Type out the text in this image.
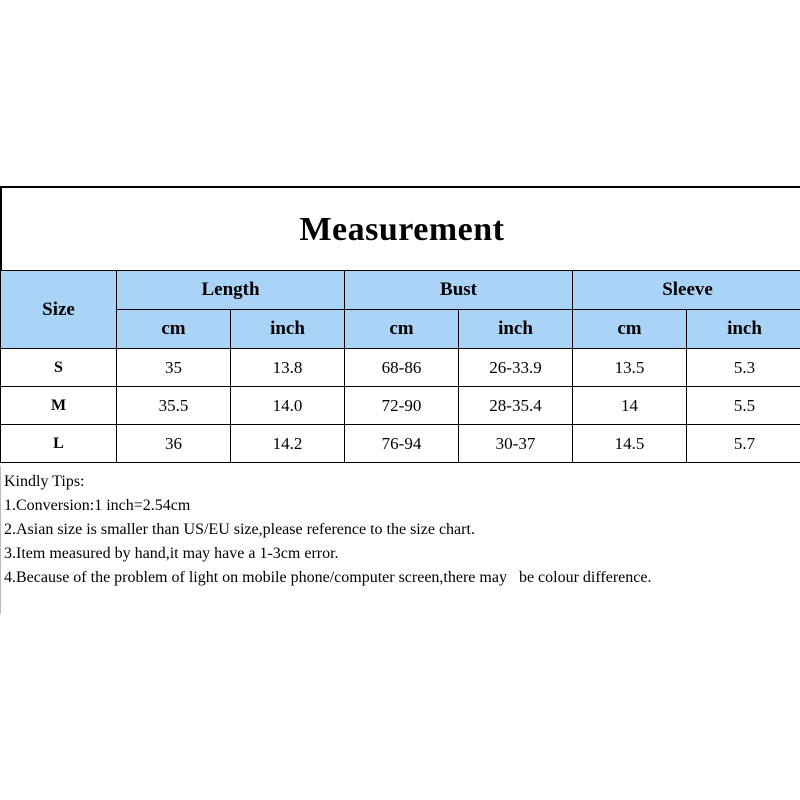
Measurement
Size	Length		Bust		Sleeve	
	cm	inch	cm	inch	cm	inch
S	35	13.8	68-86	26-33.9	13.5	5.3
M	35.5	14.0	72-90	28-35.4	14	5.5
L	36	14.2	76-94	30-37	14.5	5.7
Kindly Tips:
1.Conversion:1 inch=2.54cm
2.Asian size is smaller than US/EU size,please reference to the size chart.
3.Item measured by hand,it may have a 1-3cm error.
4.Because of the problem of light on mobile phone/computer screen,there may   be colour difference.
